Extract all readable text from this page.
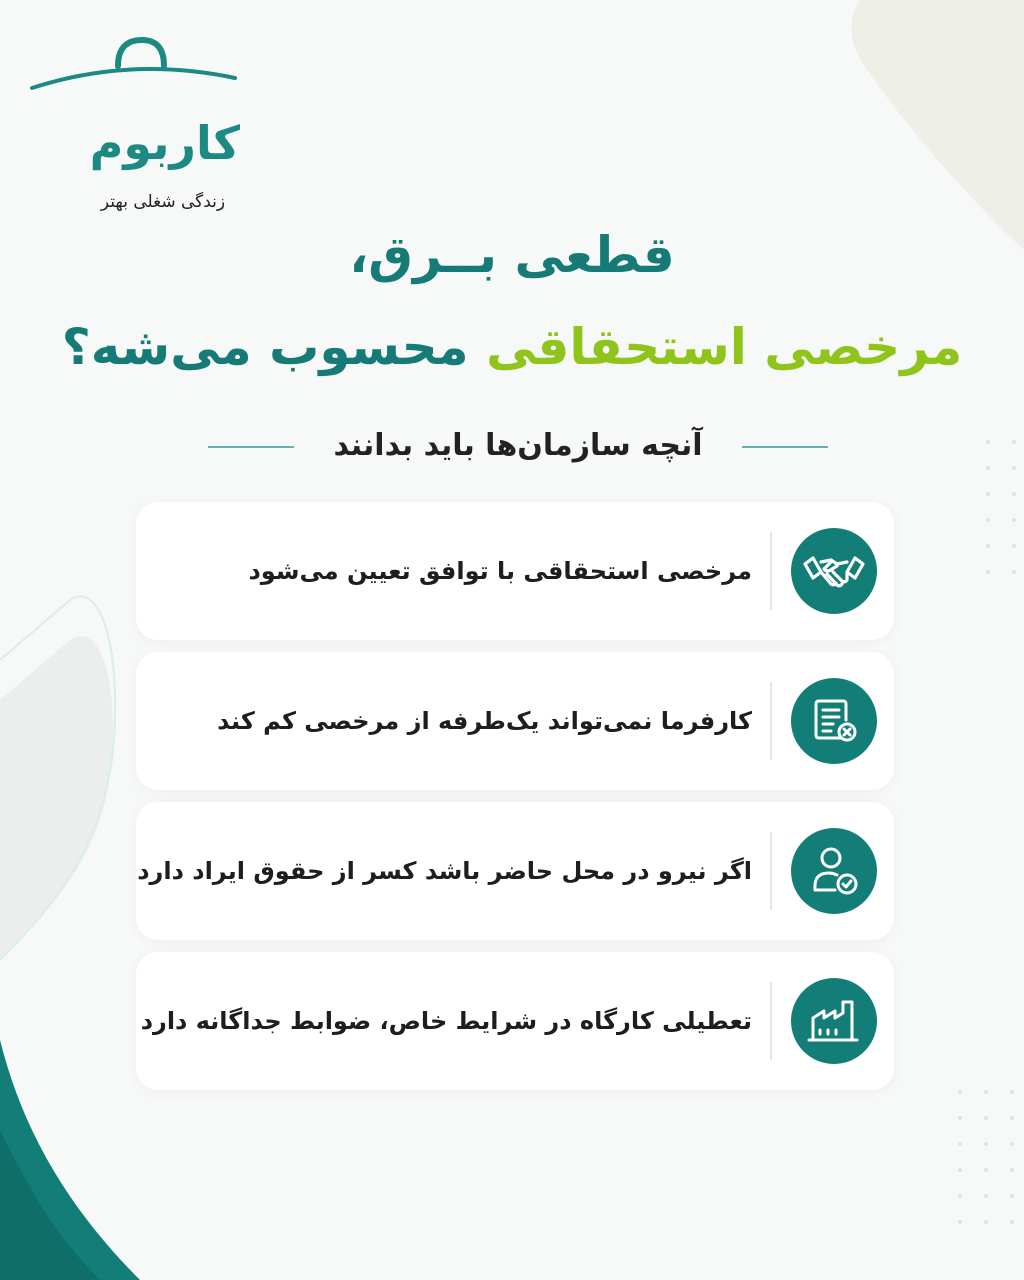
کاربوم
زندگی شغلی بهتر
قطعی بــرق،
مرخصی استحقاقی محسوب می‌شه؟
آنچه سازمان‌ها باید بدانند
مرخصی استحقاقی با توافق تعیین می‌شود
کارفرما نمی‌تواند یک‌طرفه از مرخصی کم کند
اگر نیرو در محل حاضر باشد کسر از حقوق ایراد دارد
تعطیلی کارگاه در شرایط خاص، ضوابط جداگانه دارد
